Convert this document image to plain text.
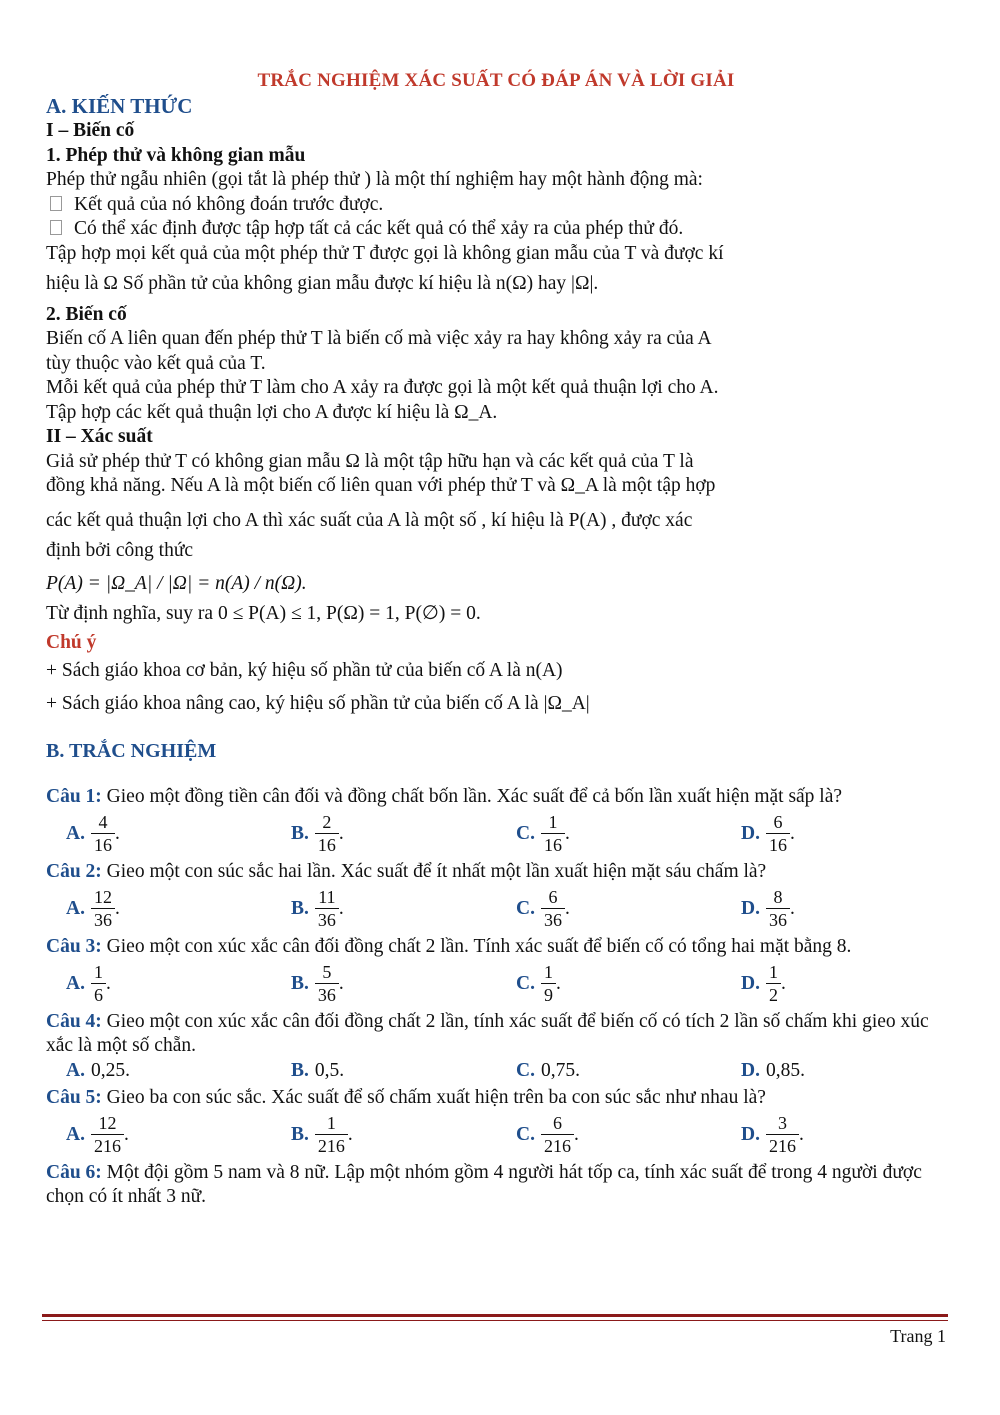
TRẮC NGHIỆM XÁC SUẤT CÓ ĐÁP ÁN VÀ LỜI GIẢI
A. KIẾN THỨC
I – Biến cố
1. Phép thử và không gian mẫu
Phép thử ngẫu nhiên (gọi tắt là phép thử ) là một thí nghiệm hay một hành động mà:
Kết quả của nó không đoán trước được.
Có thể xác định được tập hợp tất cả các kết quả có thể xảy ra của phép thử đó.
Tập hợp mọi kết quả của một phép thử T được gọi là không gian mẫu của T và được kí
hiệu là Ω Số phần tử của không gian mẫu được kí hiệu là n(Ω) hay |Ω|.
2. Biến cố
Biến cố A liên quan đến phép thử T là biến cố mà việc xảy ra hay không xảy ra của A
tùy thuộc vào kết quả của T.
Mỗi kết quả của phép thử T làm cho A xảy ra được gọi là một kết quả thuận lợi cho A.
Tập hợp các kết quả thuận lợi cho A được kí hiệu là Ω_A.
II – Xác suất
Giả sử phép thử T có không gian mẫu Ω là một tập hữu hạn và các kết quả của T là
đồng khả năng. Nếu A là một biến cố liên quan với phép thử T và Ω_A là một tập hợp
các kết quả thuận lợi cho A thì xác suất của A là một số , kí hiệu là P(A) , được xác
định bởi công thức
P(A) = |Ω_A| / |Ω| = n(A) / n(Ω).
Từ định nghĩa, suy ra 0 ≤ P(A) ≤ 1, P(Ω) = 1, P(∅) = 0.
Chú ý
+ Sách giáo khoa cơ bản, ký hiệu số phần tử của biến cố A là n(A)
+ Sách giáo khoa nâng cao, ký hiệu số phần tử của biến cố A là |Ω_A|
B. TRẮC NGHIỆM
Câu 1: Gieo một đồng tiền cân đối và đồng chất bốn lần. Xác suất để cả bốn lần xuất hiện mặt sấp là?
A. $\frac{4}{16}$ .	B. $\frac{2}{16}$ .	C. $\frac{1}{16}$ .	D. $\frac{6}{16}$ .
Câu 2: Gieo một con súc sắc hai lần. Xác suất để ít nhất một lần xuất hiện mặt sáu chấm là?
A. $\frac{12}{36}$ .	B. $\frac{11}{36}$ .	C. $\frac{6}{36}$ .	D. $\frac{8}{36}$ .
Câu 3: Gieo một con xúc xắc cân đối đồng chất 2 lần. Tính xác suất để biến cố có tổng hai mặt bằng 8.
A. $\frac{1}{6}$ .	B. $\frac{5}{36}$ .	C. $\frac{1}{9}$ .	D. $\frac{1}{2}$ .
Câu 4: Gieo một con xúc xắc cân đối đồng chất 2 lần, tính xác suất để biến cố có tích 2 lần số chấm khi gieo xúc xắc là một số chẵn.
A. 0,25.	B. 0,5.	C. 0,75.	D. 0,85.
Câu 5: Gieo ba con súc sắc. Xác suất để số chấm xuất hiện trên ba con súc sắc như nhau là?
A. $\frac{12}{216}$ .	B. $\frac{1}{216}$ .	C. $\frac{6}{216}$ .	D. $\frac{3}{216}$ .
Câu 6: Một đội gồm 5 nam và 8 nữ. Lập một nhóm gồm 4 người hát tốp ca, tính xác suất để trong 4 người được chọn có ít nhất 3 nữ.
Trang 1
